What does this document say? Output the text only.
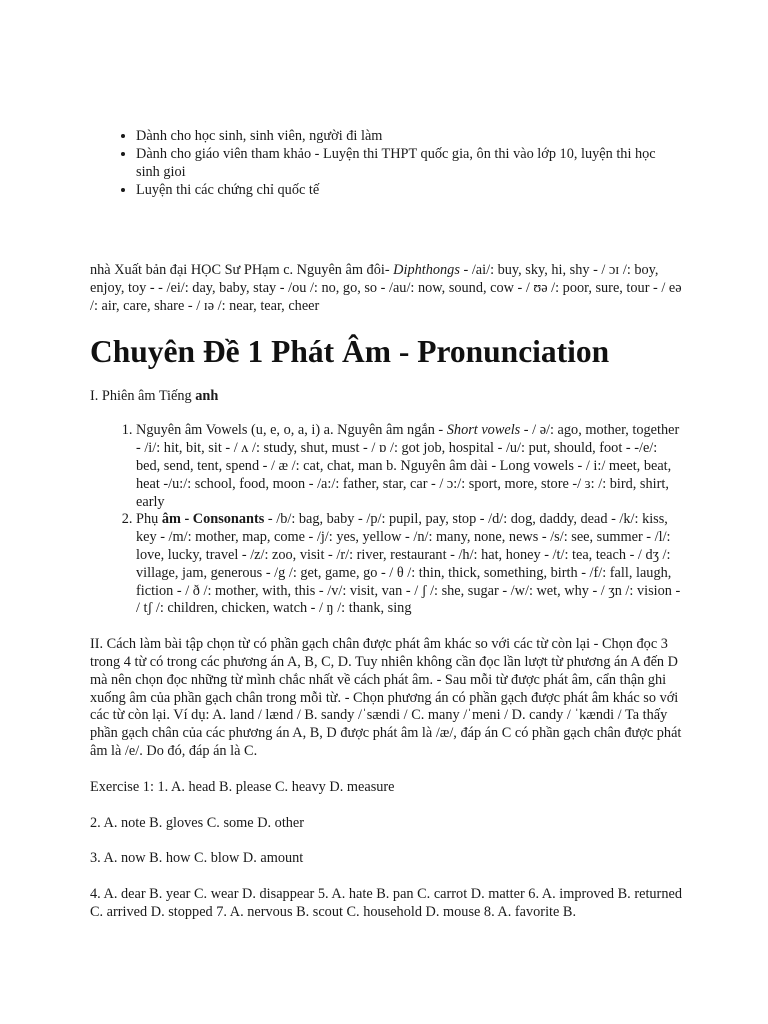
• Dành cho học sinh, sinh viên, người đi làm
• Dành cho giáo viên tham khảo - Luyện thi THPT quốc gia, ôn thi vào lớp 10, luyện thi học sinh gioi
• Luyện thi các chứng chỉ quốc tế

nhà Xuất bản đại HỌC Sư PHạm c. Nguyên âm đôi- Diphthongs - /ai/: buy, sky, hi, shy - / ɔɪ /: boy, enjoy, toy - - /ei/: day, baby, stay - /ou /: no, go, so - /au/: now, sound, cow - / ʊə /: poor, sure, tour - / eə /: air, care, share - / ɪə /: near, tear, cheer

Chuyên Đề 1 Phát Âm - Pronunciation

I. Phiên âm Tiếng anh

1. Nguyên âm Vowels (u, e, o, a, i) a. Nguyên âm ngắn - Short vowels - / ə/: ago, mother, together - /i/: hit, bit, sit - / ʌ /: study, shut, must - / ɒ /: got job, hospital - /u/: put, should, foot - -/e/: bed, send, tent, spend - / æ /: cat, chat, man b. Nguyên âm dài - Long vowels - / i:/ meet, beat, heat -/u:/: school, food, moon - /a:/: father, star, car - / ɔ:/: sport, more, store -/ ɜ: /: bird, shirt, early
2. Phụ âm - Consonants - /b/: bag, baby - /p/: pupil, pay, stop - /d/: dog, daddy, dead - /k/: kiss, key - /m/: mother, map, come - /j/: yes, yellow - /n/: many, none, news - /s/: see, summer - /l/: love, lucky, travel - /z/: zoo, visit - /r/: river, restaurant - /h/: hat, honey - /t/: tea, teach - / dʒ /: village, jam, generous - /g /: get, game, go - / θ /: thin, thick, something, birth - /f/: fall, laugh, fiction - / ð /: mother, with, this - /v/: visit, van - / ʃ /: she, sugar - /w/: wet, why - / ʒn /: vision - / tʃ /: children, chicken, watch - / ŋ /: thank, sing

II. Cách làm bài tập chọn từ có phần gạch chân được phát âm khác so với các từ còn lại - Chọn đọc 3 trong 4 từ có trong các phương án A, B, C, D. Tuy nhiên không cần đọc lần lượt từ phương án A đến D mà nên chọn đọc những từ mình chắc nhất về cách phát âm. - Sau mỗi từ được phát âm, cẩn thận ghi xuống âm của phần gạch chân trong mỗi từ. - Chọn phương án có phần gạch được phát âm khác so với các từ còn lại. Ví dụ: A. land / lænd / B. sandy /ˈsændi / C. many /ˈmeni / D. candy / ˈkændi / Ta thấy phần gạch chân của các phương án A, B, D được phát âm là /æ/, đáp án C có phần gạch chân được phát âm là /e/. Do đó, đáp án là C.

Exercise 1: 1. A. head B. please C. heavy D. measure

2. A. note B. gloves C. some D. other

3. A. now B. how C. blow D. amount

4. A. dear B. year C. wear D. disappear 5. A. hate B. pan C. carrot D. matter 6. A. improved B. returned C. arrived D. stopped 7. A. nervous B. scout C. household D. mouse 8. A. favorite B.
